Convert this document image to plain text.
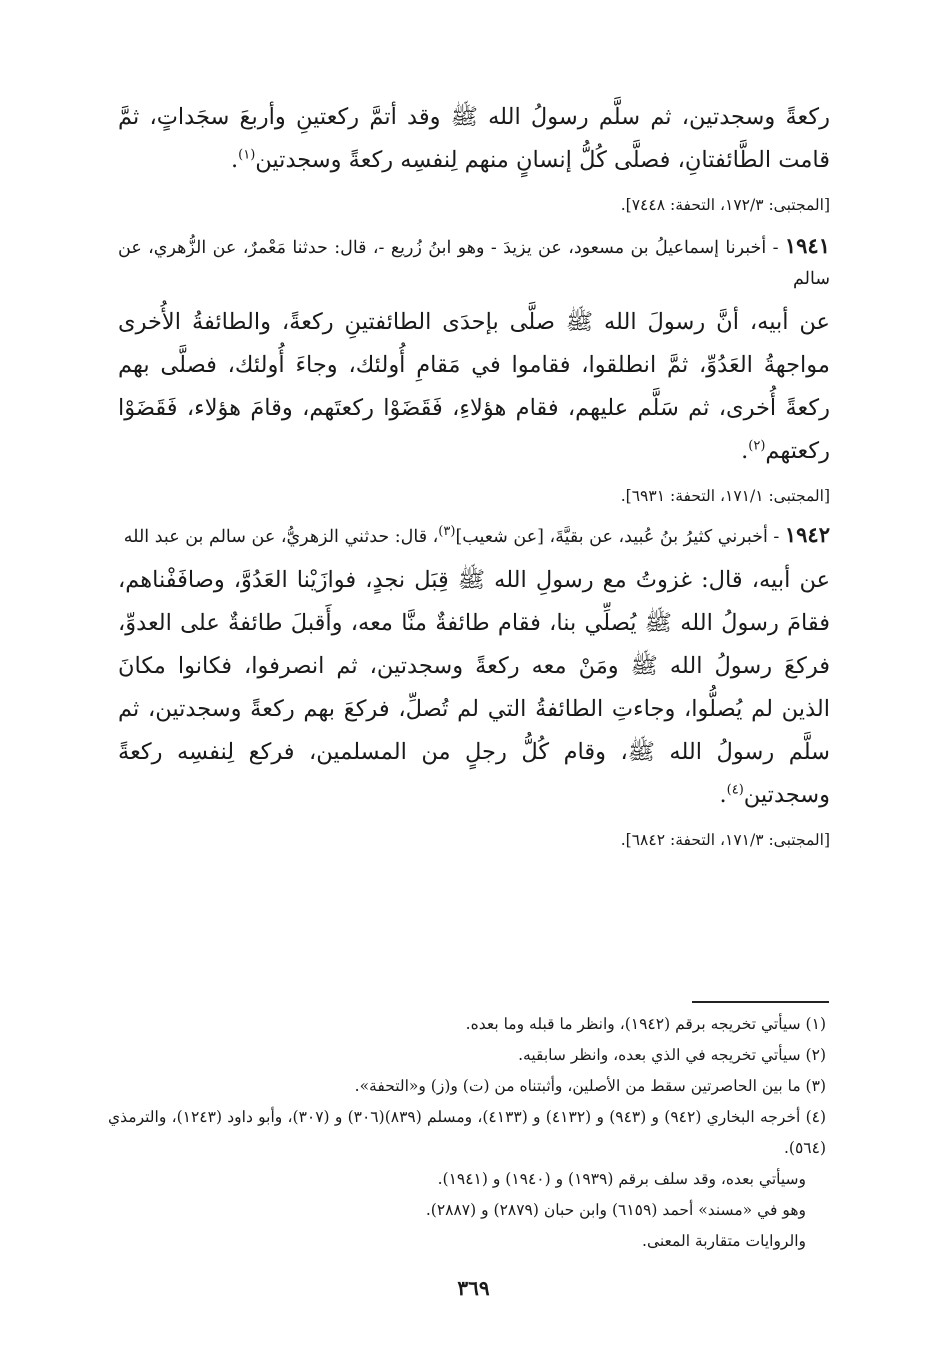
ركعةً وسجدتين، ثم سلَّم رسولُ الله ﷺ وقد أتمَّ ركعتينِ وأربعَ سجَداتٍ، ثمَّ قامت الطَّائفتانِ، فصلَّى كُلُّ إنسانٍ منهم لِنفسِه ركعةً وسجدتين$^{(١)}$.

[المجتبى: ١٧٢/٣، التحفة: ٧٤٤٨].

١٩٤١ - أخبرنا إسماعيلُ بن مسعود، عن يزيدَ - وهو ابنُ زُريع -، قال: حدثنا مَعْمرٌ، عن الزُّهري، عن سالم

عن أبيه، أنَّ رسولَ الله ﷺ صلَّى بإحدَى الطائفتينِ ركعةً، والطائفةُ الأُخرى مواجهةُ العَدُوِّ، ثمَّ انطلقوا، فقاموا في مَقامِ أُولئك، وجاءَ أُولئك، فصلَّى بهم ركعةً أُخرى، ثم سَلَّم عليهم، فقام هؤلاءِ، فَقَضَوْا ركعتَهم، وقامَ هؤلاء، فَقَضَوْا ركعتهم$^{(٢)}$.

[المجتبى: ١٧١/١، التحفة: ٦٩٣١].

١٩٤٢ - أخبرني كثيرُ بنُ عُبيد، عن بقيَّةَ، [عن شعيب]$^{(٣)}$، قال: حدثني الزهريُّ، عن سالم بن عبد الله

عن أبيه، قال: غزوتُ مع رسولِ الله ﷺ قِبَل نجدٍ، فوازَيْنا العَدُوَّ، وصافَفْناهم، فقامَ رسولُ الله ﷺ يُصلِّي بنا، فقام طائفةٌ منَّا معه، وأَقبلَ طائفةٌ على العدوِّ، فركعَ رسولُ الله ﷺ ومَنْ معه ركعةً وسجدتين، ثم انصرفوا، فكانوا مكانَ الذين لم يُصلُّوا، وجاءتِ الطائفةُ التي لم تُصلِّ، فركعَ بهم ركعةً وسجدتين، ثم سلَّم رسولُ الله ﷺ، وقام كُلُّ رجلٍ من المسلمين، فركع لِنفسِه ركعةً وسجدتين$^{(٤)}$.

[المجتبى: ١٧١/٣، التحفة: ٦٨٤٢].

(١) سيأتي تخريجه برقم (١٩٤٢)، وانظر ما قبله وما بعده.

(٢) سيأتي تخريجه في الذي بعده، وانظر سابقيه.

(٣) ما بين الحاصرتين سقط من الأصلين، وأثبتناه من (ت) و(ز) و«التحفة».

(٤) أخرجه البخاري (٩٤٢) و (٩٤٣) و (٤١٣٢) و (٤١٣٣)، ومسلم (٨٣٩)(٣٠٦) و (٣٠٧)، وأبو داود (١٢٤٣)، والترمذي (٥٦٤).

وسيأتي بعده، وقد سلف برقم (١٩٣٩) و (١٩٤٠) و (١٩٤١).

وهو في «مسند» أحمد (٦١٥٩) وابن حبان (٢٨٧٩) و (٢٨٨٧).

والروايات متقاربة المعنى.

٣٦٩
